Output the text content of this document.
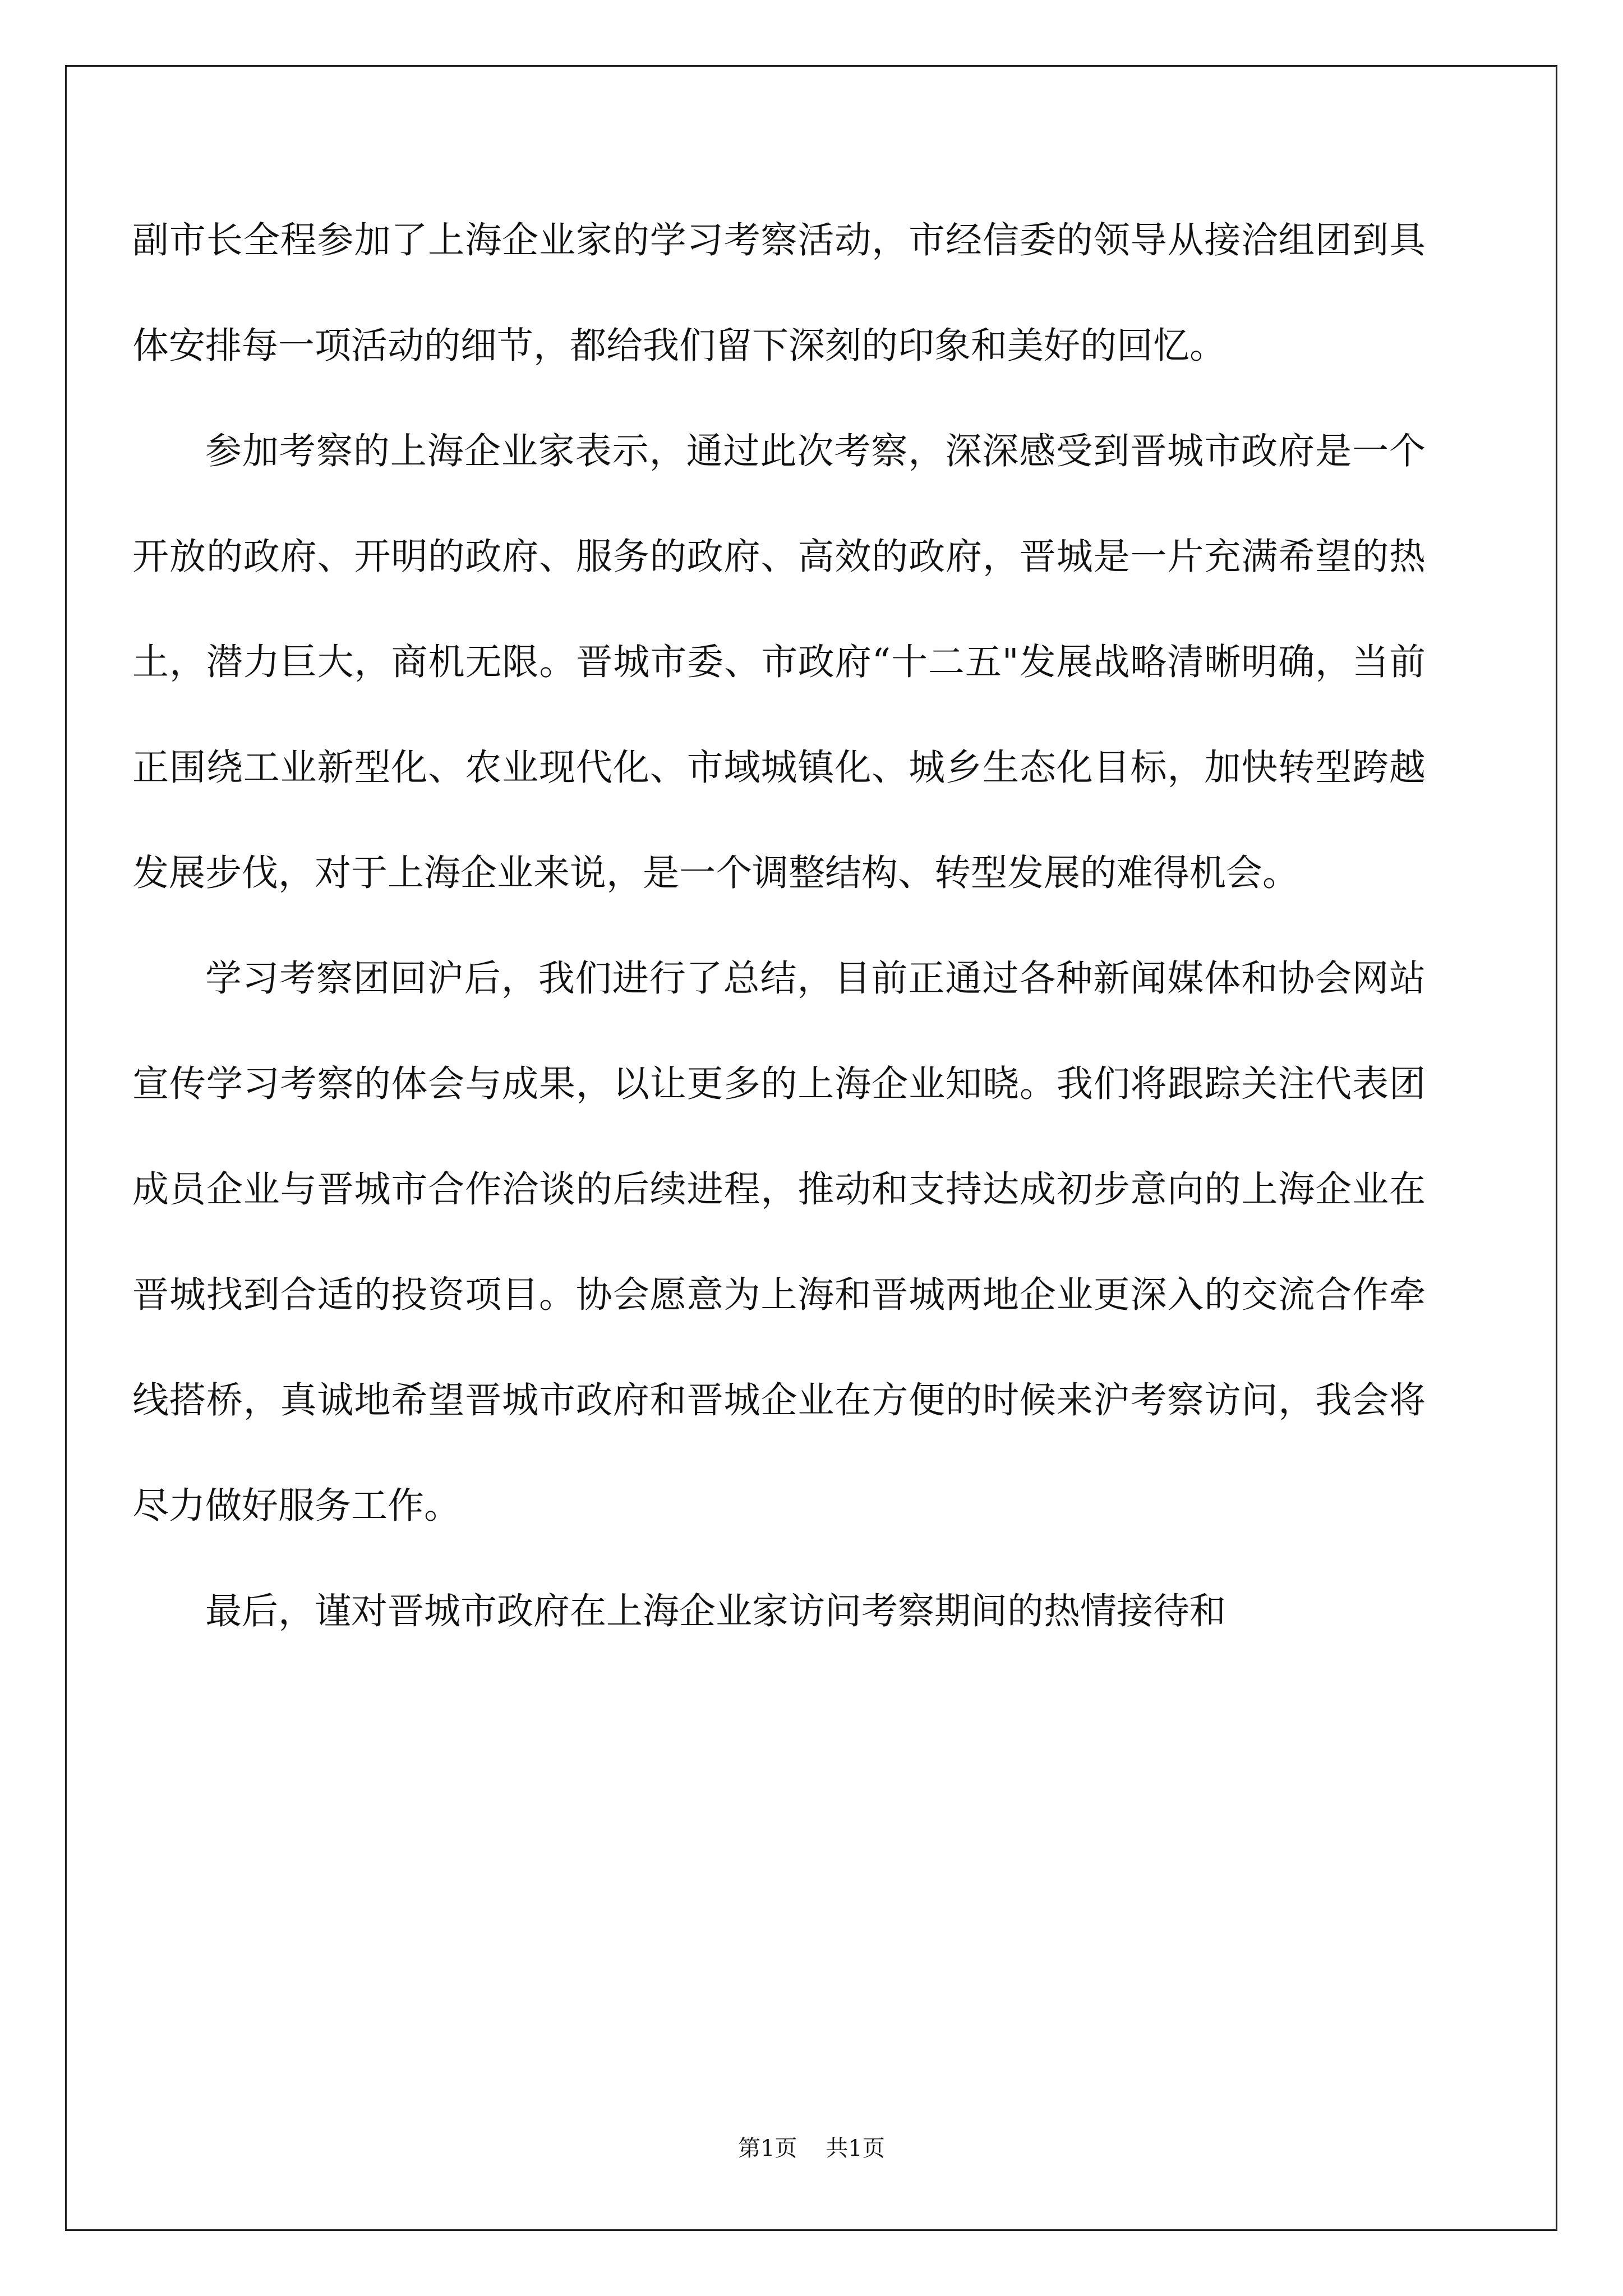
副市长全程参加了上海企业家的学习考察活动，市经信委的领导从接洽组团到具体安排每一项活动的细节，都给我们留下深刻的印象和美好的回忆。

参加考察的上海企业家表示，通过此次考察，深深感受到晋城市政府是一个开放的政府、开明的政府、服务的政府、高效的政府，晋城是一片充满希望的热土，潜力巨大，商机无限。晋城市委、市政府“十二五"发展战略清晰明确，当前正围绕工业新型化、农业现代化、市域城镇化、城乡生态化目标，加快转型跨越发展步伐，对于上海企业来说，是一个调整结构、转型发展的难得机会。

学习考察团回沪后，我们进行了总结，目前正通过各种新闻媒体和协会网站宣传学习考察的体会与成果，以让更多的上海企业知晓。我们将跟踪关注代表团成员企业与晋城市合作洽谈的后续进程，推动和支持达成初步意向的上海企业在晋城找到合适的投资项目。协会愿意为上海和晋城两地企业更深入的交流合作牵线搭桥，真诚地希望晋城市政府和晋城企业在方便的时候来沪考察访问，我会将尽力做好服务工作。

最后，谨对晋城市政府在上海企业家访问考察期间的热情接待和

第1页 共1页
